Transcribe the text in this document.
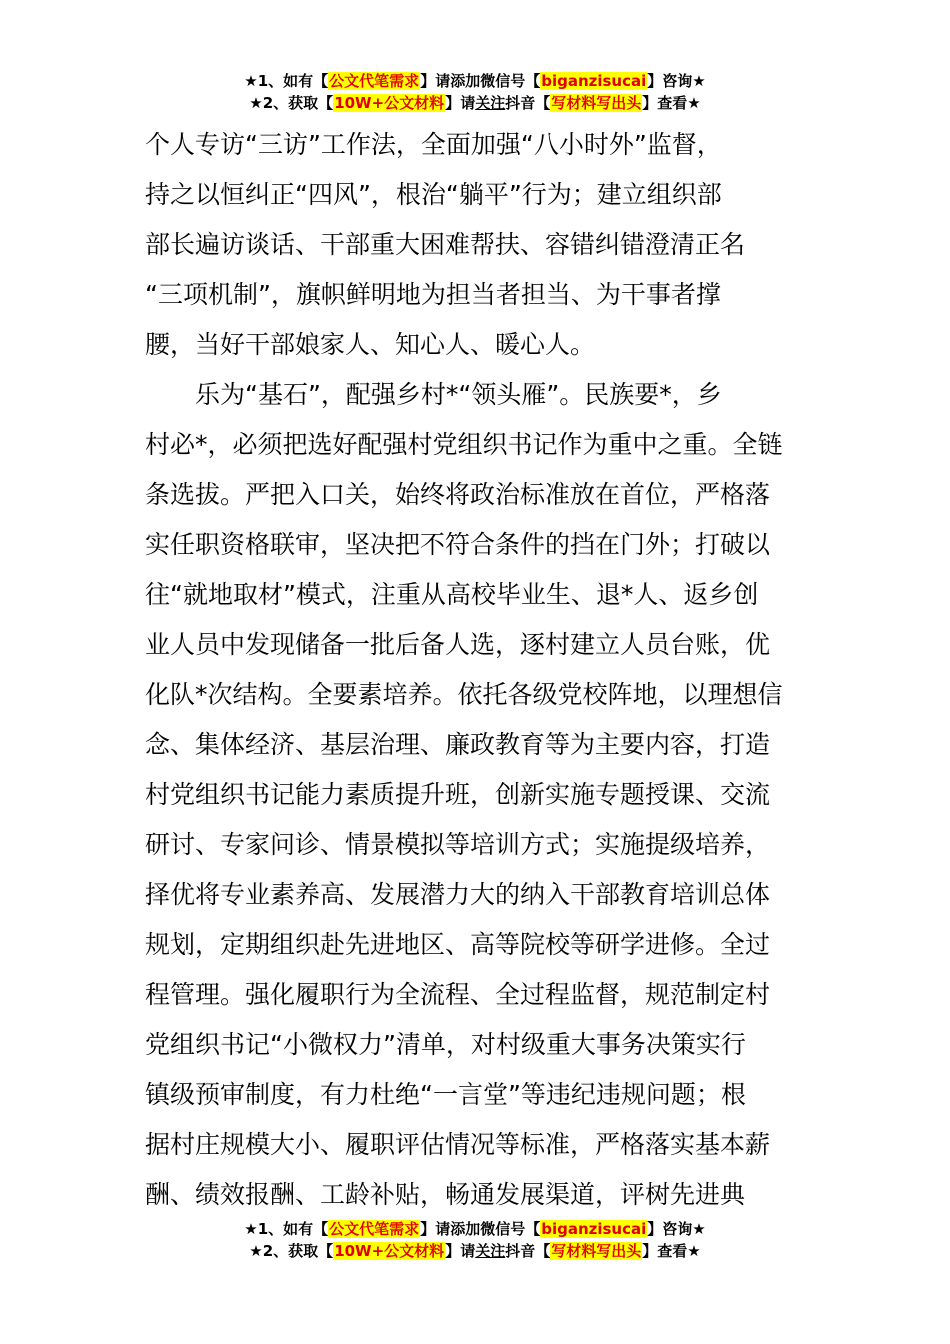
★1、如有【公文代笔需求】请添加微信号【biganzisucai】咨询★
★2、获取【10W+公文材料】请关注抖音【写材料写出头】查看★
个人专访“三访”工作法，全面加强“八小时外”监督，
持之以恒纠正“四风”，根治“躺平”行为；建立组织部
部长遍访谈话、干部重大困难帮扶、容错纠错澄清正名
“三项机制”，旗帜鲜明地为担当者担当、为干事者撑
腰，当好干部娘家人、知心人、暖心人。
乐为“基石”，配强乡村*“领头雁”。民族要*，乡
村必*，必须把选好配强村党组织书记作为重中之重。全链
条选拔。严把入口关，始终将政治标准放在首位，严格落
实任职资格联审，坚决把不符合条件的挡在门外；打破以
往“就地取材”模式，注重从高校毕业生、退*人、返乡创
业人员中发现储备一批后备人选，逐村建立人员台账，优
化队*次结构。全要素培养。依托各级党校阵地，以理想信
念、集体经济、基层治理、廉政教育等为主要内容，打造
村党组织书记能力素质提升班，创新实施专题授课、交流
研讨、专家问诊、情景模拟等培训方式；实施提级培养，
择优将专业素养高、发展潜力大的纳入干部教育培训总体
规划，定期组织赴先进地区、高等院校等研学进修。全过
程管理。强化履职行为全流程、全过程监督，规范制定村
党组织书记“小微权力”清单，对村级重大事务决策实行
镇级预审制度，有力杜绝“一言堂”等违纪违规问题；根
据村庄规模大小、履职评估情况等标准，严格落实基本薪
酬、绩效报酬、工龄补贴，畅通发展渠道，评树先进典
★1、如有【公文代笔需求】请添加微信号【biganzisucai】咨询★
★2、获取【10W+公文材料】请关注抖音【写材料写出头】查看★
